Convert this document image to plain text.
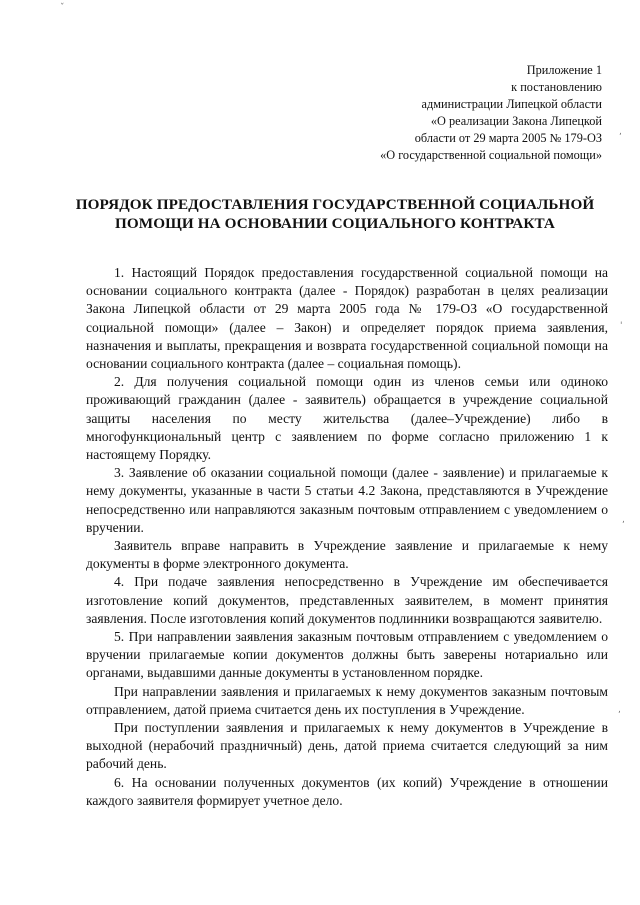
ˇ
,
'
,
,
Приложение 1
к постановлению
администрации Липецкой области
«О реализации Закона Липецкой
области от 29 марта 2005 № 179-ОЗ
«О государственной социальной помощи»
ПОРЯДОК ПРЕДОСТАВЛЕНИЯ ГОСУДАРСТВЕННОЙ СОЦИАЛЬНОЙ
ПОМОЩИ НА ОСНОВАНИИ СОЦИАЛЬНОГО КОНТРАКТА

1. Настоящий Порядок предоставления государственной социальной помощи на основании социального контракта (далее - Порядок) разработан в целях реализации Закона Липецкой области от 29 марта 2005 года № 179-ОЗ «О государственной социальной помощи» (далее – Закон) и определяет порядок приема заявления, назначения и выплаты, прекращения и возврата государственной социальной помощи на основании социального контракта (далее – социальная помощь).

2. Для получения социальной помощи один из членов семьи или одиноко проживающий гражданин (далее - заявитель) обращается в учреждение социальной защиты населения по месту жительства (далее–Учреждение) либо в многофункциональный центр с заявлением по форме согласно приложению 1 к настоящему Порядку.

3. Заявление об оказании социальной помощи (далее - заявление) и прилагаемые к нему документы, указанные в части 5 статьи 4.2 Закона, представляются в Учреждение непосредственно или направляются заказным почтовым отправлением с уведомлением о вручении.

Заявитель вправе направить в Учреждение заявление и прилагаемые к нему документы в форме электронного документа.

4. При подаче заявления непосредственно в Учреждение им обеспечивается изготовление копий документов, представленных заявителем, в момент принятия заявления. После изготовления копий документов подлинники возвращаются заявителю.

5. При направлении заявления заказным почтовым отправлением с уведомлением о вручении прилагаемые копии документов должны быть заверены нотариально или органами, выдавшими данные документы в установленном порядке.

При направлении заявления и прилагаемых к нему документов заказным почтовым отправлением, датой приема считается день их поступления в Учреждение.

При поступлении заявления и прилагаемых к нему документов в Учреждение в выходной (нерабочий праздничный) день, датой приема считается следующий за ним рабочий день.

6. На основании полученных документов (их копий) Учреждение в отношении каждого заявителя формирует учетное дело.
